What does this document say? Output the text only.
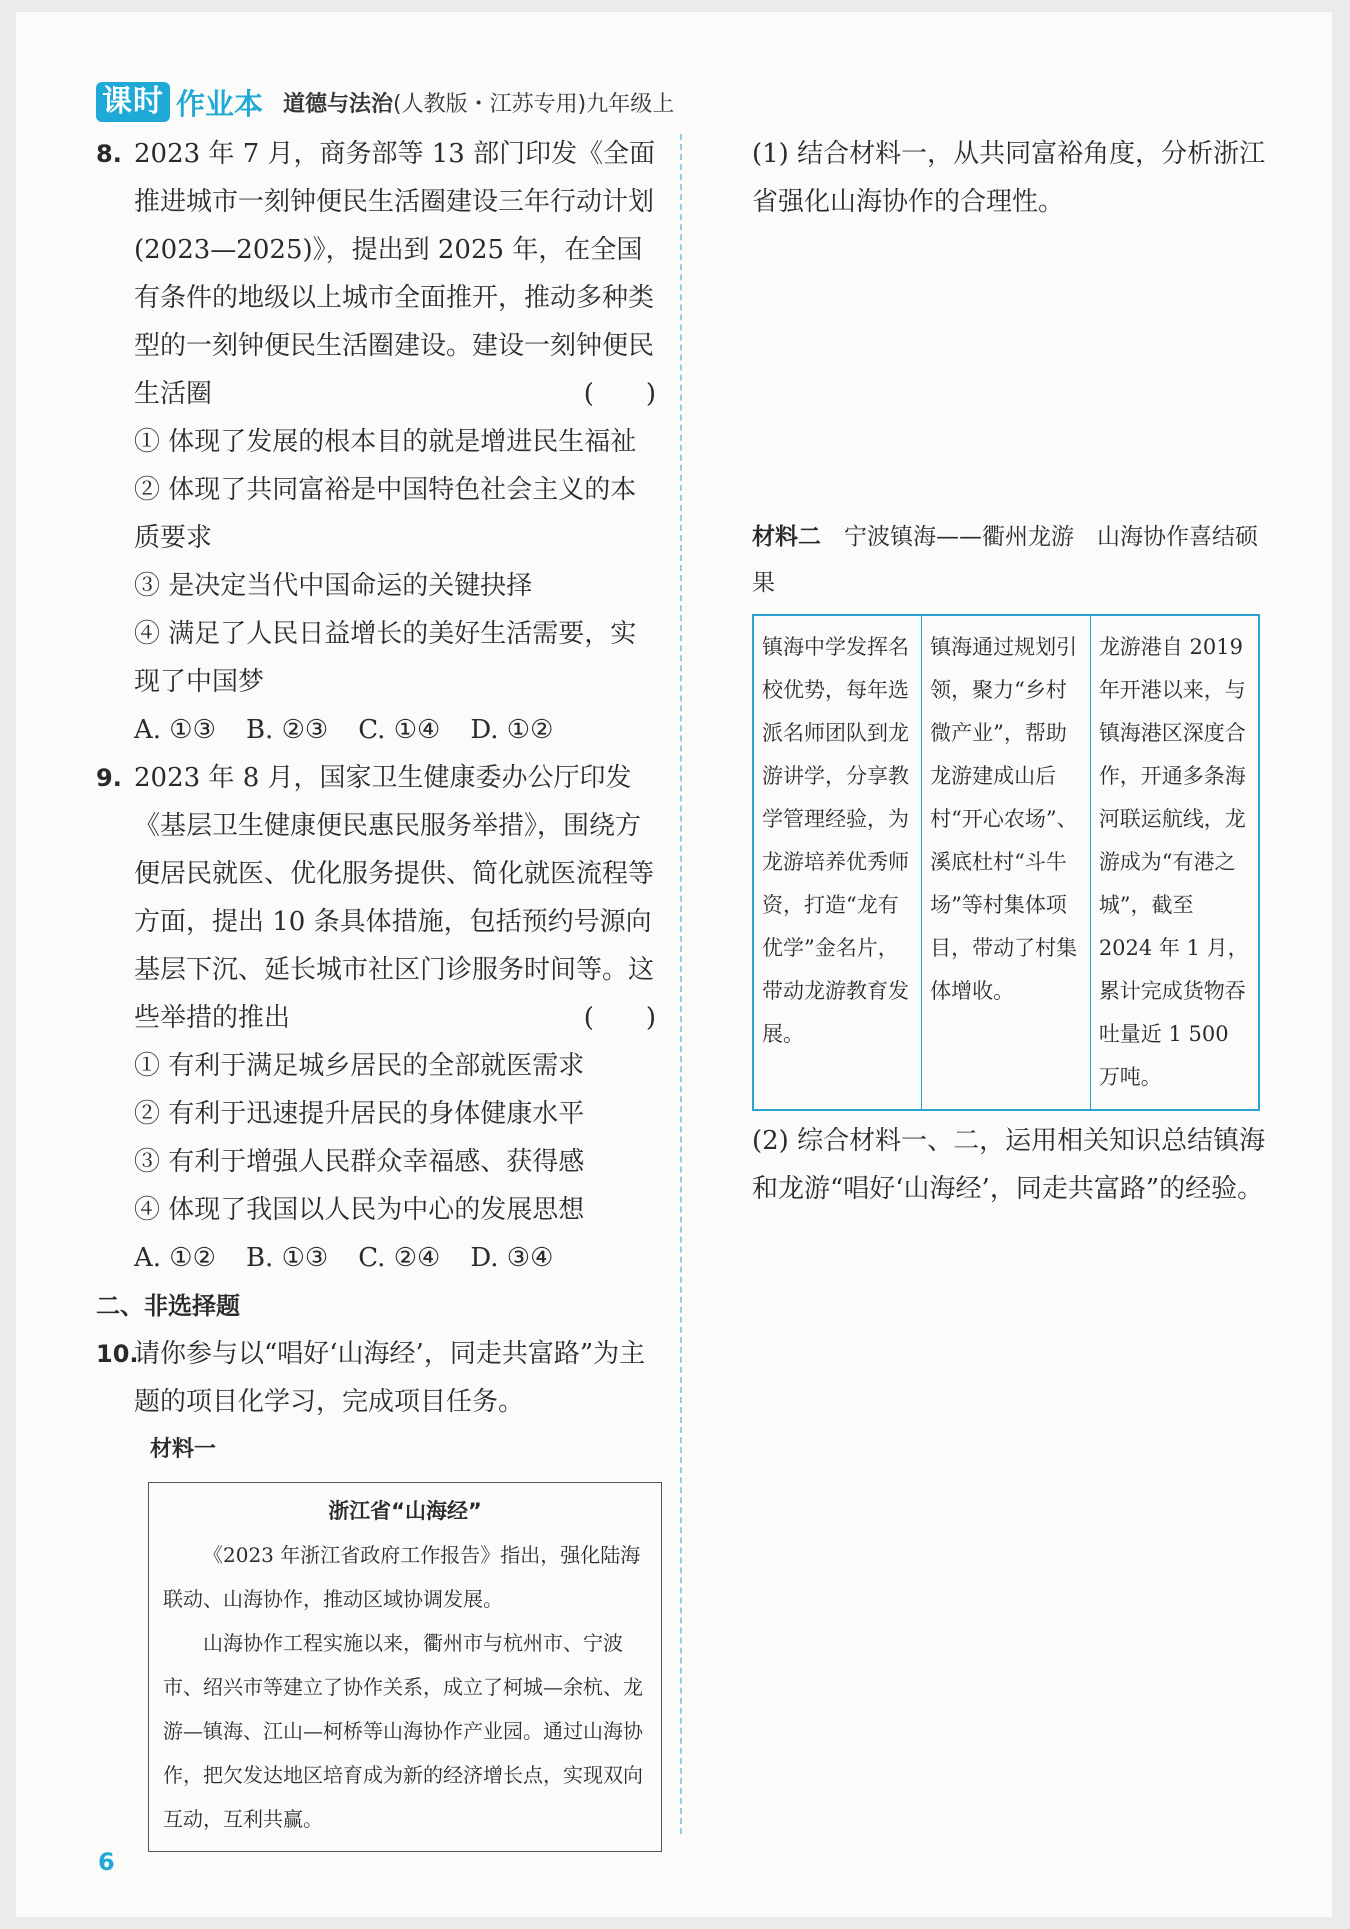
课时 作业本 道德与法治(人教版・江苏专用)九年级上
8. 2023 年 7 月，商务部等 13 部门印发《全面推进城市一刻钟便民生活圈建设三年行动计划(2023—2025)》，提出到 2025 年，在全国有条件的地级以上城市全面推开，推动多种类型的一刻钟便民生活圈建设。建设一刻钟便民生活圈	(　　)
① 体现了发展的根本目的就是增进民生福祉
② 体现了共同富裕是中国特色社会主义的本质要求
③ 是决定当代中国命运的关键抉择
④ 满足了人民日益增长的美好生活需要，实现了中国梦
A. ①③ B. ②③ C. ①④ D. ①②
9. 2023 年 8 月，国家卫生健康委办公厅印发《基层卫生健康便民惠民服务举措》，围绕方便居民就医、优化服务提供、简化就医流程等方面，提出 10 条具体措施，包括预约号源向基层下沉、延长城市社区门诊服务时间等。这些举措的推出	(　　)
① 有利于满足城乡居民的全部就医需求
② 有利于迅速提升居民的身体健康水平
③ 有利于增强人民群众幸福感、获得感
④ 体现了我国以人民为中心的发展思想
A. ①② B. ①③ C. ②④ D. ③④
二、非选择题
10.
请你参与以“唱好‘山海经’，同走共富路”为主题的项目化学习，完成项目任务。
材料一
浙江省“山海经”

《2023 年浙江省政府工作报告》指出，强化陆海联动、山海协作，推动区域协调发展。

山海协作工程实施以来，衢州市与杭州市、宁波市、绍兴市等建立了协作关系，成立了柯城—余杭、龙游—镇海、江山—柯桥等山海协作产业园。通过山海协作，把欠发达地区培育成为新的经济增长点，实现双向互动，互利共赢。

(1) 结合材料一，从共同富裕角度，分析浙江省强化山海协作的合理性。
材料二　 宁波镇海——衢州龙游　山海协作喜结硕果
镇海中学发挥名校优势，每年选派名师团队到龙游讲学，分享教学管理经验，为龙游培养优秀师资，打造“龙有优学”金名片，带动龙游教育发展。	镇海通过规划引领，聚力“乡村微产业”，帮助龙游建成山后村“开心农场”、溪底杜村“斗牛场”等村集体项目，带动了村集体增收。	龙游港自 2019 年开港以来，与镇海港区深度合作，开通多条海河联运航线，龙游成为“有港之城”，截至 2024 年 1 月，累计完成货物吞吐量近 1 500 万吨。
(2) 综合材料一、二，运用相关知识总结镇海和龙游“唱好‘山海经’，同走共富路”的经验。
6
